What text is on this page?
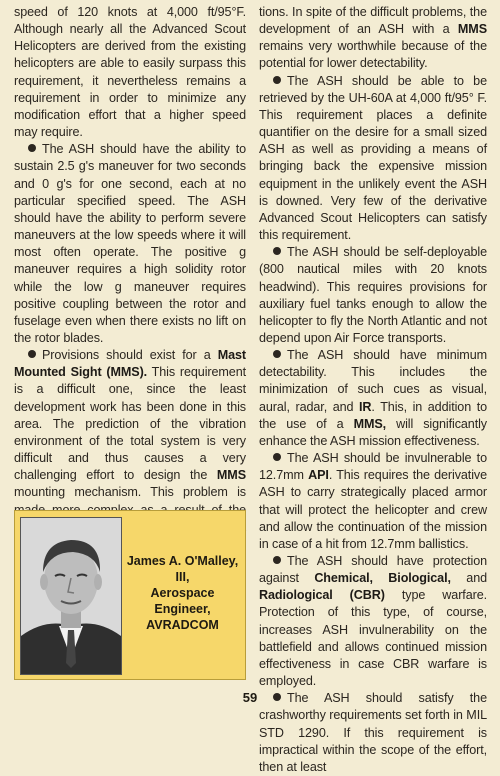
speed of 120 knots at 4,000 ft/95°F. Although nearly all the Advanced Scout Helicopters are derived from the existing helicopters are able to easily surpass this requirement, it nevertheless remains a requirement in order to minimize any modification effort that a higher speed may require.

The ASH should have the ability to sustain 2.5 g's maneuver for two seconds and 0 g's for one second, each at no particular specified speed. The ASH should have the ability to perform severe maneuvers at the low speeds where it will most often operate. The positive g maneuver requires a high solidity rotor while the low g maneuver requires positive coupling between the rotor and fuselage even when there exists no lift on the rotor blades.

Provisions should exist for a Mast Mounted Sight (MMS). This requirement is a difficult one, since the least development work has been done in this area. The prediction of the vibration environment of the total system is very difficult and thus causes a very challenging effort to design the MMS mounting mechanism. This problem is

James A. O'Malley, III,
Aerospace Engineer,
AVRADCOM

tions. In spite of the difficult problems, the development of an ASH with a MMS remains very worthwhile because of the potential for lower detectability.

The ASH should be able to be retrieved by the UH-60A at 4,000 ft/95° F. This requirement places a definite quantifier on the desire for a small sized ASH as well as providing a means of bringing back the expensive mission equipment in the unlikely event the ASH is downed. Very few of the derivative Advanced Scout Helicopters can satisfy this requirement.

The ASH should be self-deployable (800 nautical miles with 20 knots headwind). This requires provisions for auxiliary fuel tanks enough to allow the helicopter to fly the North Atlantic and not depend upon Air Force transports.

The ASH should have minimum detectability. This includes the minimization of such cues as visual, aural, radar, and IR. This, in addition to the use of a MMS, will significantly enhance the ASH mission effectiveness.

The ASH should be invulnerable to 12.7mm API. This requires the derivative ASH to carry strategically placed armor that will protect the helicopter and crew and allow the continuation of the mission in case of a hit from 12.7mm ballistics.

The ASH should have protection against Chemical, Biological, and Radiological (CBR) type warfare. Protection of this type, of course, increases ASH invulnerability on the battlefield and allows continued mission effectiveness in case CBR warfare is employed.

The ASH should satisfy the crashworthy requirements set forth in MIL STD 1290. If this requirement is impractical within the scope of the effort, then at least

59
